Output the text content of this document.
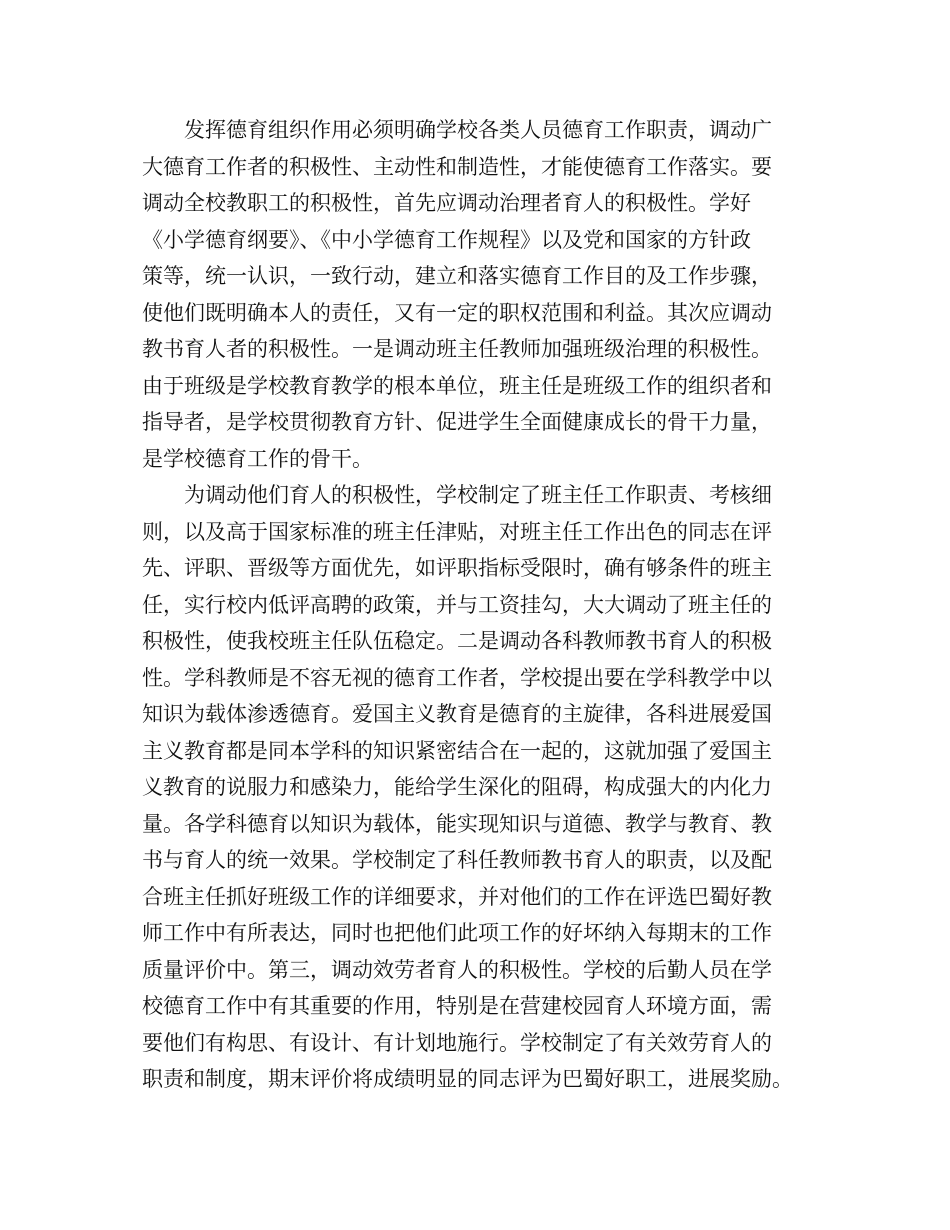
发挥德育组织作用必须明确学校各类人员德育工作职责，调动广
大德育工作者的积极性、主动性和制造性，才能使德育工作落实。要
调动全校教职工的积极性，首先应调动治理者育人的积极性。学好
《小学德育纲要》、《中小学德育工作规程》以及党和国家的方针政
策等，统一认识，一致行动，建立和落实德育工作目的及工作步骤，
使他们既明确本人的责任，又有一定的职权范围和利益。其次应调动
教书育人者的积极性。一是调动班主任教师加强班级治理的积极性。
由于班级是学校教育教学的根本单位，班主任是班级工作的组织者和
指导者，是学校贯彻教育方针、促进学生全面健康成长的骨干力量，
是学校德育工作的骨干。
为调动他们育人的积极性，学校制定了班主任工作职责、考核细
则，以及高于国家标准的班主任津贴，对班主任工作出色的同志在评
先、评职、晋级等方面优先，如评职指标受限时，确有够条件的班主
任，实行校内低评高聘的政策，并与工资挂勾，大大调动了班主任的
积极性，使我校班主任队伍稳定。二是调动各科教师教书育人的积极
性。学科教师是不容无视的德育工作者，学校提出要在学科教学中以
知识为载体渗透德育。爱国主义教育是德育的主旋律，各科进展爱国
主义教育都是同本学科的知识紧密结合在一起的，这就加强了爱国主
义教育的说服力和感染力，能给学生深化的阻碍，构成强大的内化力
量。各学科德育以知识为载体，能实现知识与道德、教学与教育、教
书与育人的统一效果。学校制定了科任教师教书育人的职责，以及配
合班主任抓好班级工作的详细要求，并对他们的工作在评选巴蜀好教
师工作中有所表达，同时也把他们此项工作的好坏纳入每期末的工作
质量评价中。第三，调动效劳者育人的积极性。学校的后勤人员在学
校德育工作中有其重要的作用，特别是在营建校园育人环境方面，需
要他们有构思、有设计、有计划地施行。学校制定了有关效劳育人的
职责和制度，期末评价将成绩明显的同志评为巴蜀好职工，进展奖励。
